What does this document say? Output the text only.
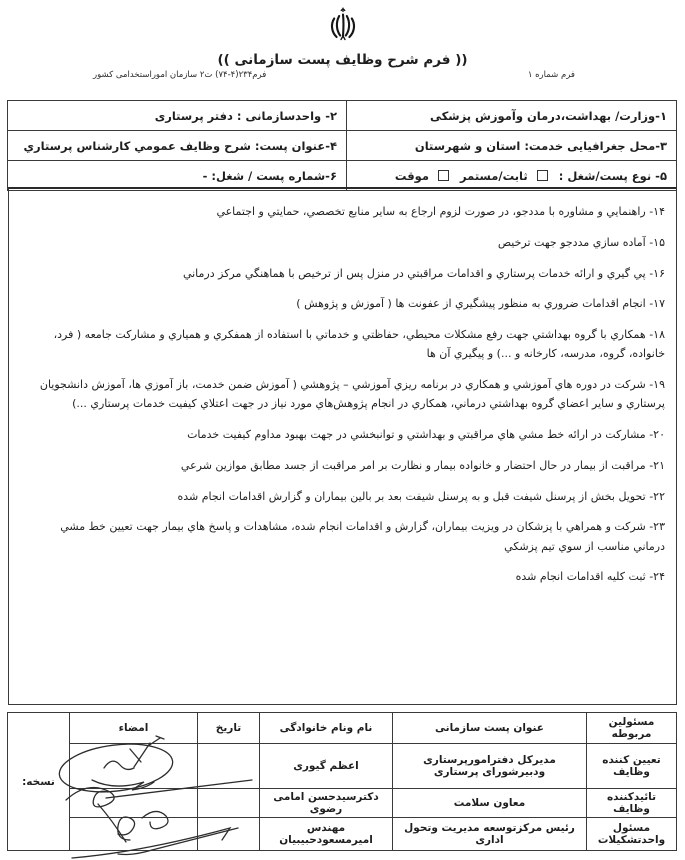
(( فرم شرح وظايف پست سازمانی ))
فرم شماره ۱
فرم۲۳۴(۴-۷۴) ت۲ سازمان اموراستخدامی کشور
۱-وزارت/ بهداشت،درمان وآموزش پزشکی	۲- واحدسازمانی : دفتر پرستاری
۳-محل جغرافيايی خدمت: استان و شهرستان	۴-عنوان پست: شرح وظايف عمومي کارشناس پرستاري
۵- نوع پست/شغل :  ثابت/مستمر  موقت	۶-شماره پست / شغل: -

۱۴- راهنمايي و مشاوره با مددجو، در صورت لزوم ارجاع به ساير منابع تخصصي، حمايتي و اجتماعي

۱۵- آماده سازي مددجو جهت ترخيص

۱۶- پي گيري و ارائه خدمات پرستاري و اقدامات مراقبتي در منزل پس از ترخيص با هماهنگي مرکز درماني

۱۷- انجام اقدامات ضروري به منظور پيشگيري از عفونت ها ( آموزش و پژوهش )

۱۸- همکاري با گروه بهداشتي جهت رفع مشکلات محيطي، حفاظتي و خدماتي با استفاده از همفکري و همياري و مشارکت جامعه ( فرد، خانواده، گروه، مدرسه، کارخانه و ...) و پيگيري آن ها

۱۹- شرکت در دوره هاي آموزشي و همکاري در برنامه ريزي آموزشي – پژوهشي ( آموزش ضمن خدمت، باز آموزي ها، آموزش دانشجويان پرستاري و ساير اعضاي گروه بهداشتي درماني، همکاري در انجام پژوهش‌هاي مورد نياز در جهت اعتلاي کيفيت خدمات پرستاري ...)

۲۰- مشارکت در ارائه خط مشي هاي مراقبتي و بهداشتي و توانبخشي در جهت بهبود مداوم کيفيت خدمات

۲۱- مراقبت از بيمار در حال احتضار و خانواده بيمار و نظارت بر امر مراقبت از جسد مطابق موازين شرعي

۲۲- تحويل بخش از پرسنل شيفت قبل و به پرسنل شيفت بعد بر بالين بيماران و گزارش اقدامات انجام شده

۲۳- شرکت و همراهي با پزشکان در ويزيت بيماران، گزارش و اقدامات انجام شده، مشاهدات و پاسخ هاي بيمار جهت تعيين خط مشي درماني مناسب از سوي تيم پزشکي

۲۴- ثبت کليه اقدامات انجام شده

مسئولين مربوطه	عنوان پست سازمانی	نام ونام خانوادگی	تاريخ	امضاء	نسخه:
تعيين کننده وظايف	مديرکل دفترامورپرستاری ودبيرشورای پرستاری	اعظم گيوری			
تائيدکننده وظايف	معاون سلامت	دکترسيدحسن امامی رضوی			
مسئول واحدتشکيلات	رئيس مرکزتوسعه مديريت وتحول اداری	مهندس اميرمسعودحبيبيان			
